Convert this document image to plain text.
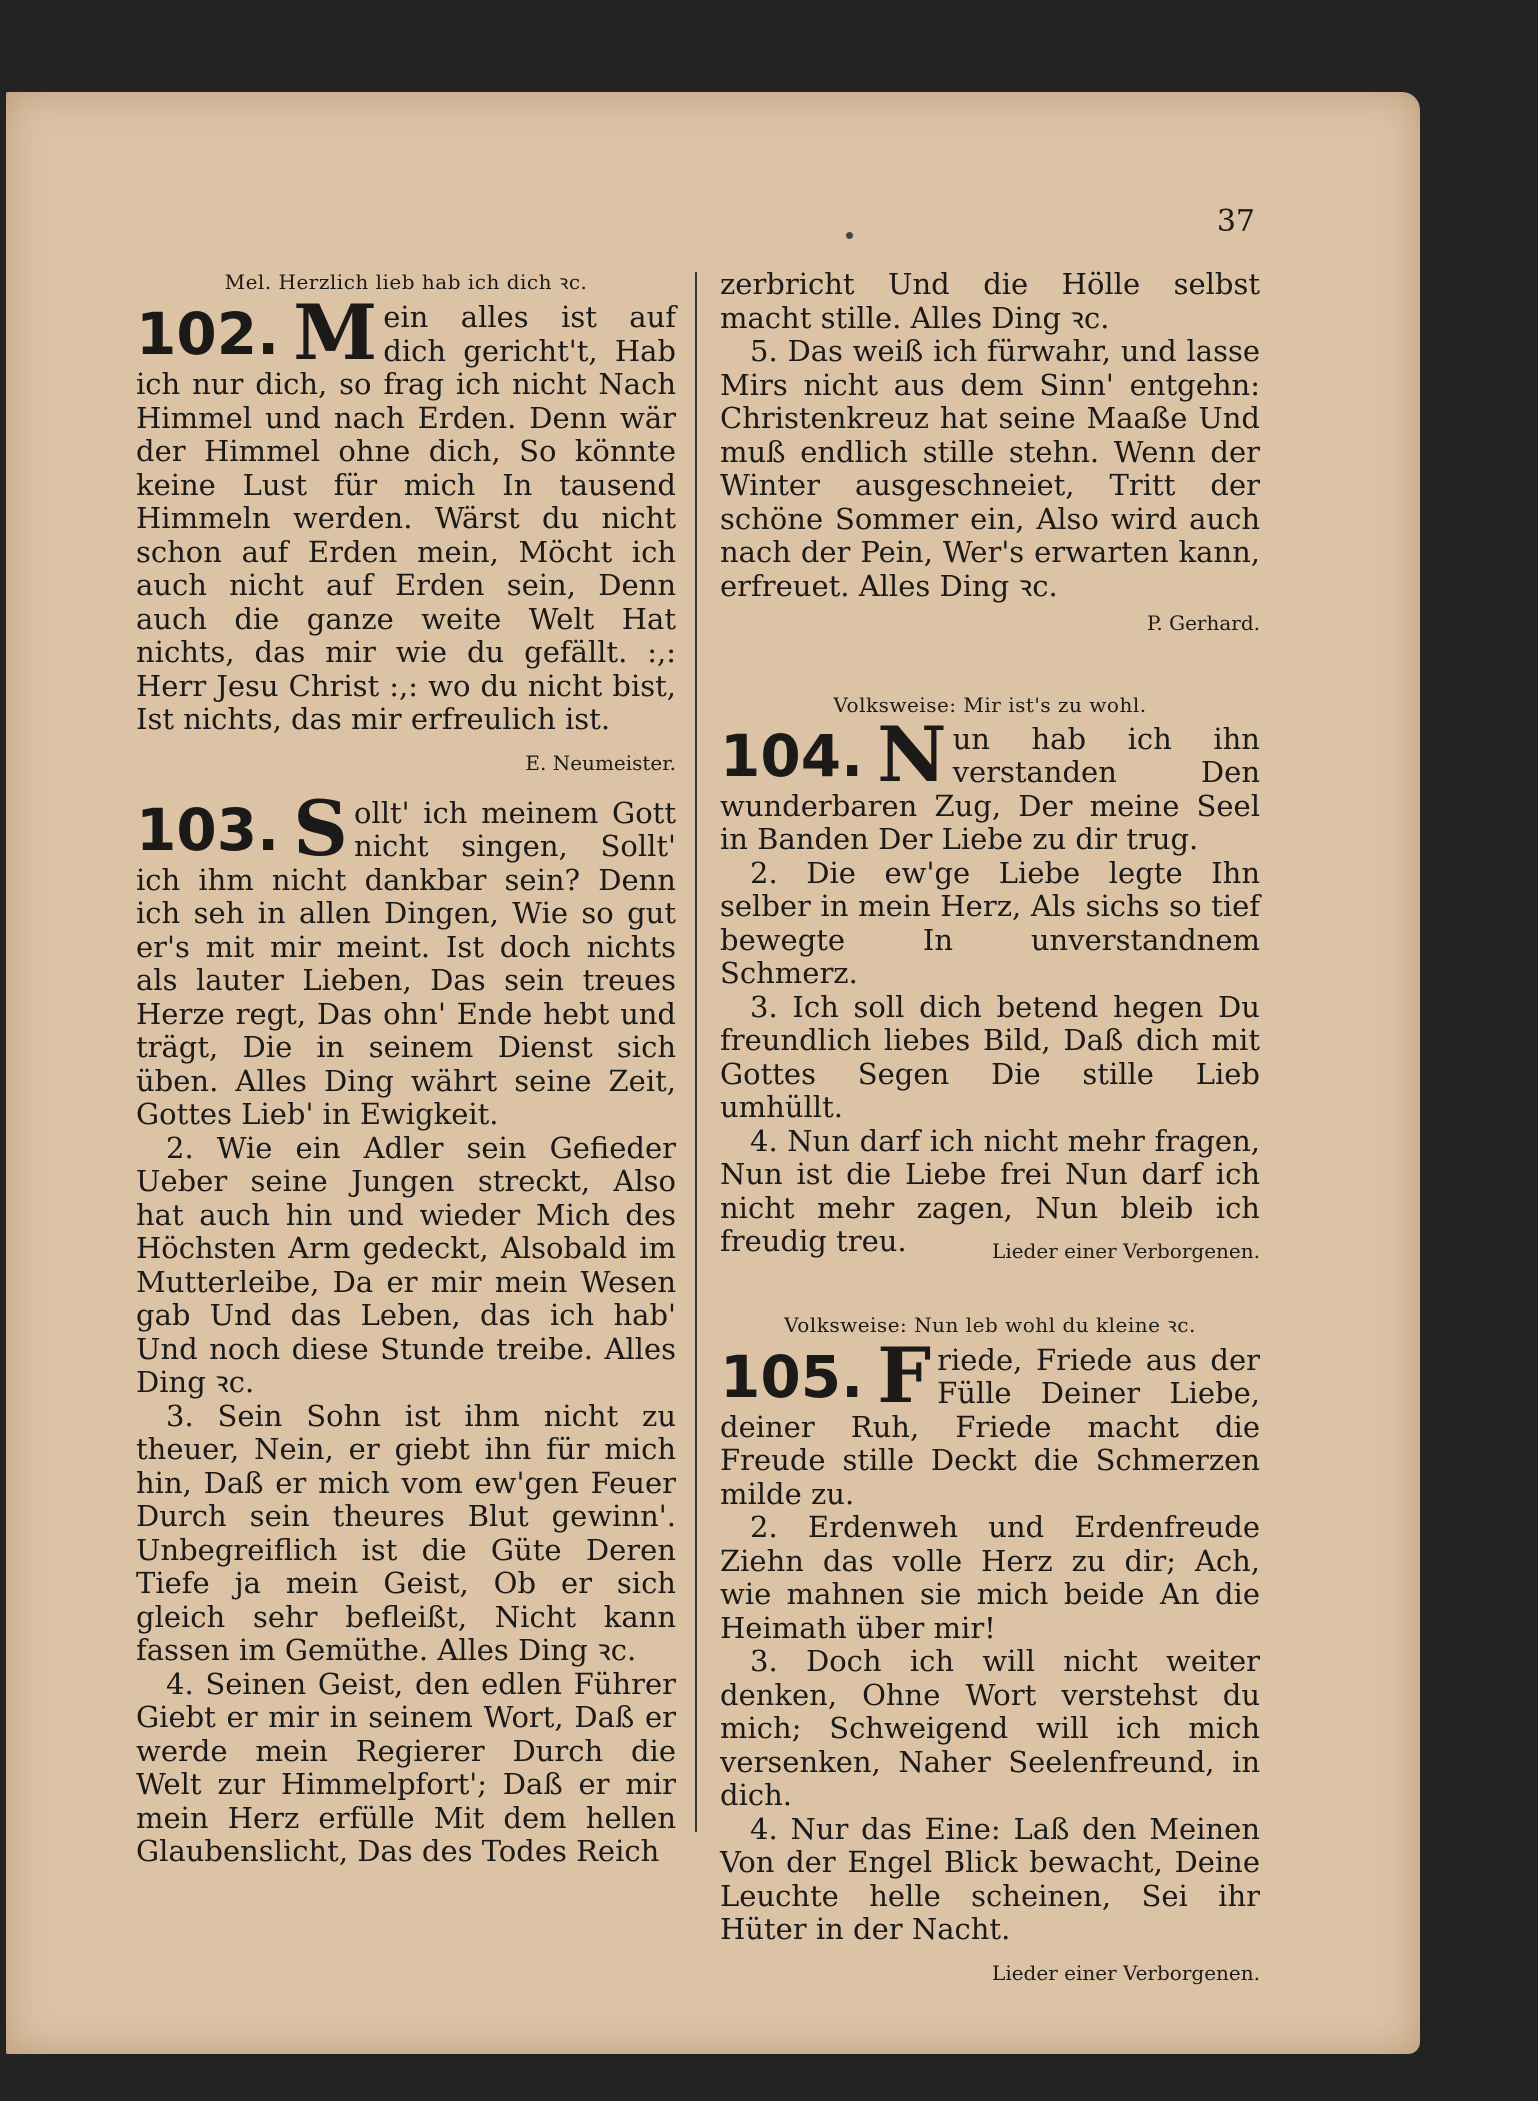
37
Mel. Herzlich lieb hab ich dich ꝛc.

102. M ein alles ist auf dich gericht't, Hab ich nur dich, so frag ich nicht Nach Himmel und nach Erden. Denn wär der Himmel ohne dich, So könnte keine Lust für mich In tausend Himmeln werden. Wärst du nicht schon auf Erden mein, Möcht ich auch nicht auf Erden sein, Denn auch die ganze weite Welt Hat nichts, das mir wie du gefällt. :,: Herr Jesu Christ :,: wo du nicht bist, Ist nichts, das mir erfreulich ist.
E. Neumeister.

103. S ollt' ich meinem Gott nicht singen, Sollt' ich ihm nicht dankbar sein? Denn ich seh in allen Dingen, Wie so gut er's mit mir meint. Ist doch nichts als lauter Lieben, Das sein treues Herze regt, Das ohn' Ende hebt und trägt, Die in seinem Dienst sich üben. Alles Ding währt seine Zeit, Gottes Lieb' in Ewigkeit.

2. Wie ein Adler sein Gefieder Ueber seine Jungen streckt, Also hat auch hin und wieder Mich des Höchsten Arm gedeckt, Alsobald im Mutterleibe, Da er mir mein Wesen gab Und das Leben, das ich hab' Und noch diese Stunde treibe. Alles Ding ꝛc.

3. Sein Sohn ist ihm nicht zu theuer, Nein, er giebt ihn für mich hin, Daß er mich vom ew'gen Feuer Durch sein theures Blut gewinn'. Unbegreiflich ist die Güte Deren Tiefe ja mein Geist, Ob er sich gleich sehr befleißt, Nicht kann fassen im Gemüthe. Alles Ding ꝛc.

4. Seinen Geist, den edlen Führer Giebt er mir in seinem Wort, Daß er werde mein Regierer Durch die Welt zur Himmelpfort'; Daß er mir mein Herz erfülle Mit dem hellen Glaubenslicht, Das des Todes Reich

zerbricht Und die Hölle selbst macht stille. Alles Ding ꝛc.

5. Das weiß ich fürwahr, und lasse Mirs nicht aus dem Sinn' entgehn: Christenkreuz hat seine Maaße Und muß endlich stille stehn. Wenn der Winter ausgeschneiet, Tritt der schöne Sommer ein, Also wird auch nach der Pein, Wer's erwarten kann, erfreuet. Alles Ding ꝛc.

P. Gerhard.
Volksweise: Mir ist's zu wohl.

104. N un hab ich ihn verstanden Den wunderbaren Zug, Der meine Seel in Banden Der Liebe zu dir trug.

2. Die ew'ge Liebe legte Ihn selber in mein Herz, Als sichs so tief bewegte In unverstandnem Schmerz.

3. Ich soll dich betend hegen Du freundlich liebes Bild, Daß dich mit Gottes Segen Die stille Lieb umhüllt.

4. Nun darf ich nicht mehr fragen, Nun ist die Liebe frei Nun darf ich nicht mehr zagen, Nun bleib ich freudig treu.	Lieder einer Verborgenen.

Volksweise: Nun leb wohl du kleine ꝛc.

105. F riede, Friede aus der Fülle Deiner Liebe, deiner Ruh, Friede macht die Freude stille Deckt die Schmerzen milde zu.

2. Erdenweh und Erdenfreude Ziehn das volle Herz zu dir; Ach, wie mahnen sie mich beide An die Heimath über mir!

3. Doch ich will nicht weiter denken, Ohne Wort verstehst du mich; Schweigend will ich mich versenken, Naher Seelenfreund, in dich.

4. Nur das Eine: Laß den Meinen Von der Engel Blick bewacht, Deine Leuchte helle scheinen, Sei ihr Hüter in der Nacht.
Lieder einer Verborgenen.
